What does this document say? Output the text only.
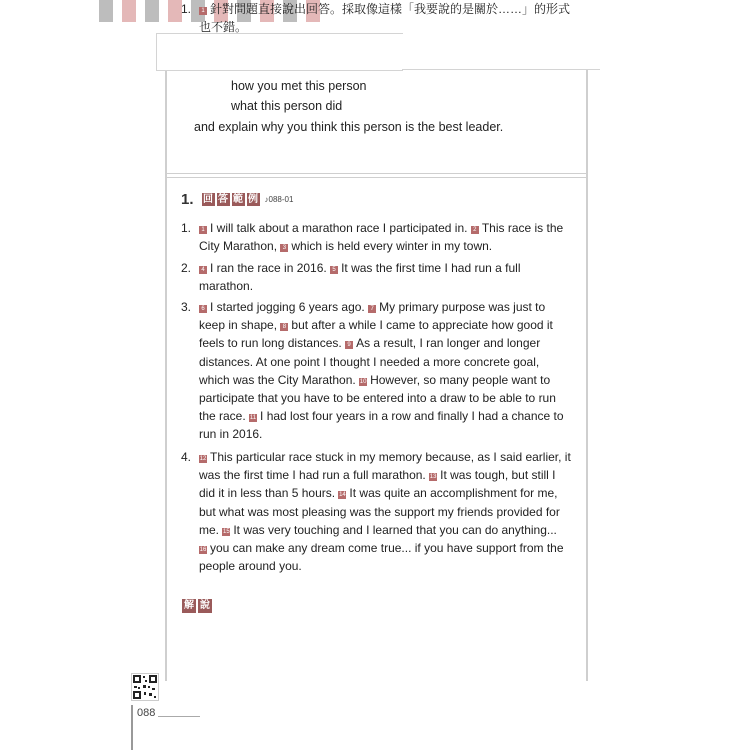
how you met this person
what this person did
and explain why you think this person is the best leader.
1. 回 答 範 例 ♪088-01
1.	1 I will talk about a marathon race I participated in. 2 This race is the
City Marathon, 3 which is held every winter in my town.
2.	4 I ran the race in 2016. 5 It was the first time I had run a full
marathon.
3.	6 I started jogging 6 years ago. 7 My primary purpose was just to
keep in shape, 8 but after a while I came to appreciate how good it
feels to run long distances. 9 As a result, I ran longer and longer
distances. At one point I thought I needed a more concrete goal,
which was the City Marathon. 10 However, so many people want to
participate that you have to be entered into a draw to be able to run
the race. 11 I had lost four years in a row and finally I had a chance to
run in 2016.
4. 12 This particular race stuck in my memory because, as I said earlier, it
was the first time I had run a full marathon. 13 It was tough, but still I
did it in less than 5 hours. 14 It was quite an accomplishment for me,
but what was most pleasing was the support my friends provided for
me. 15 It was very touching and I learned that you can do anything...
16 you can make any dream come true... if you have support from the
people around you.
解 說
1.	1 針對問題直接說出回答。採取像這樣「我要說的是關於……」的形式
也不錯。
088
